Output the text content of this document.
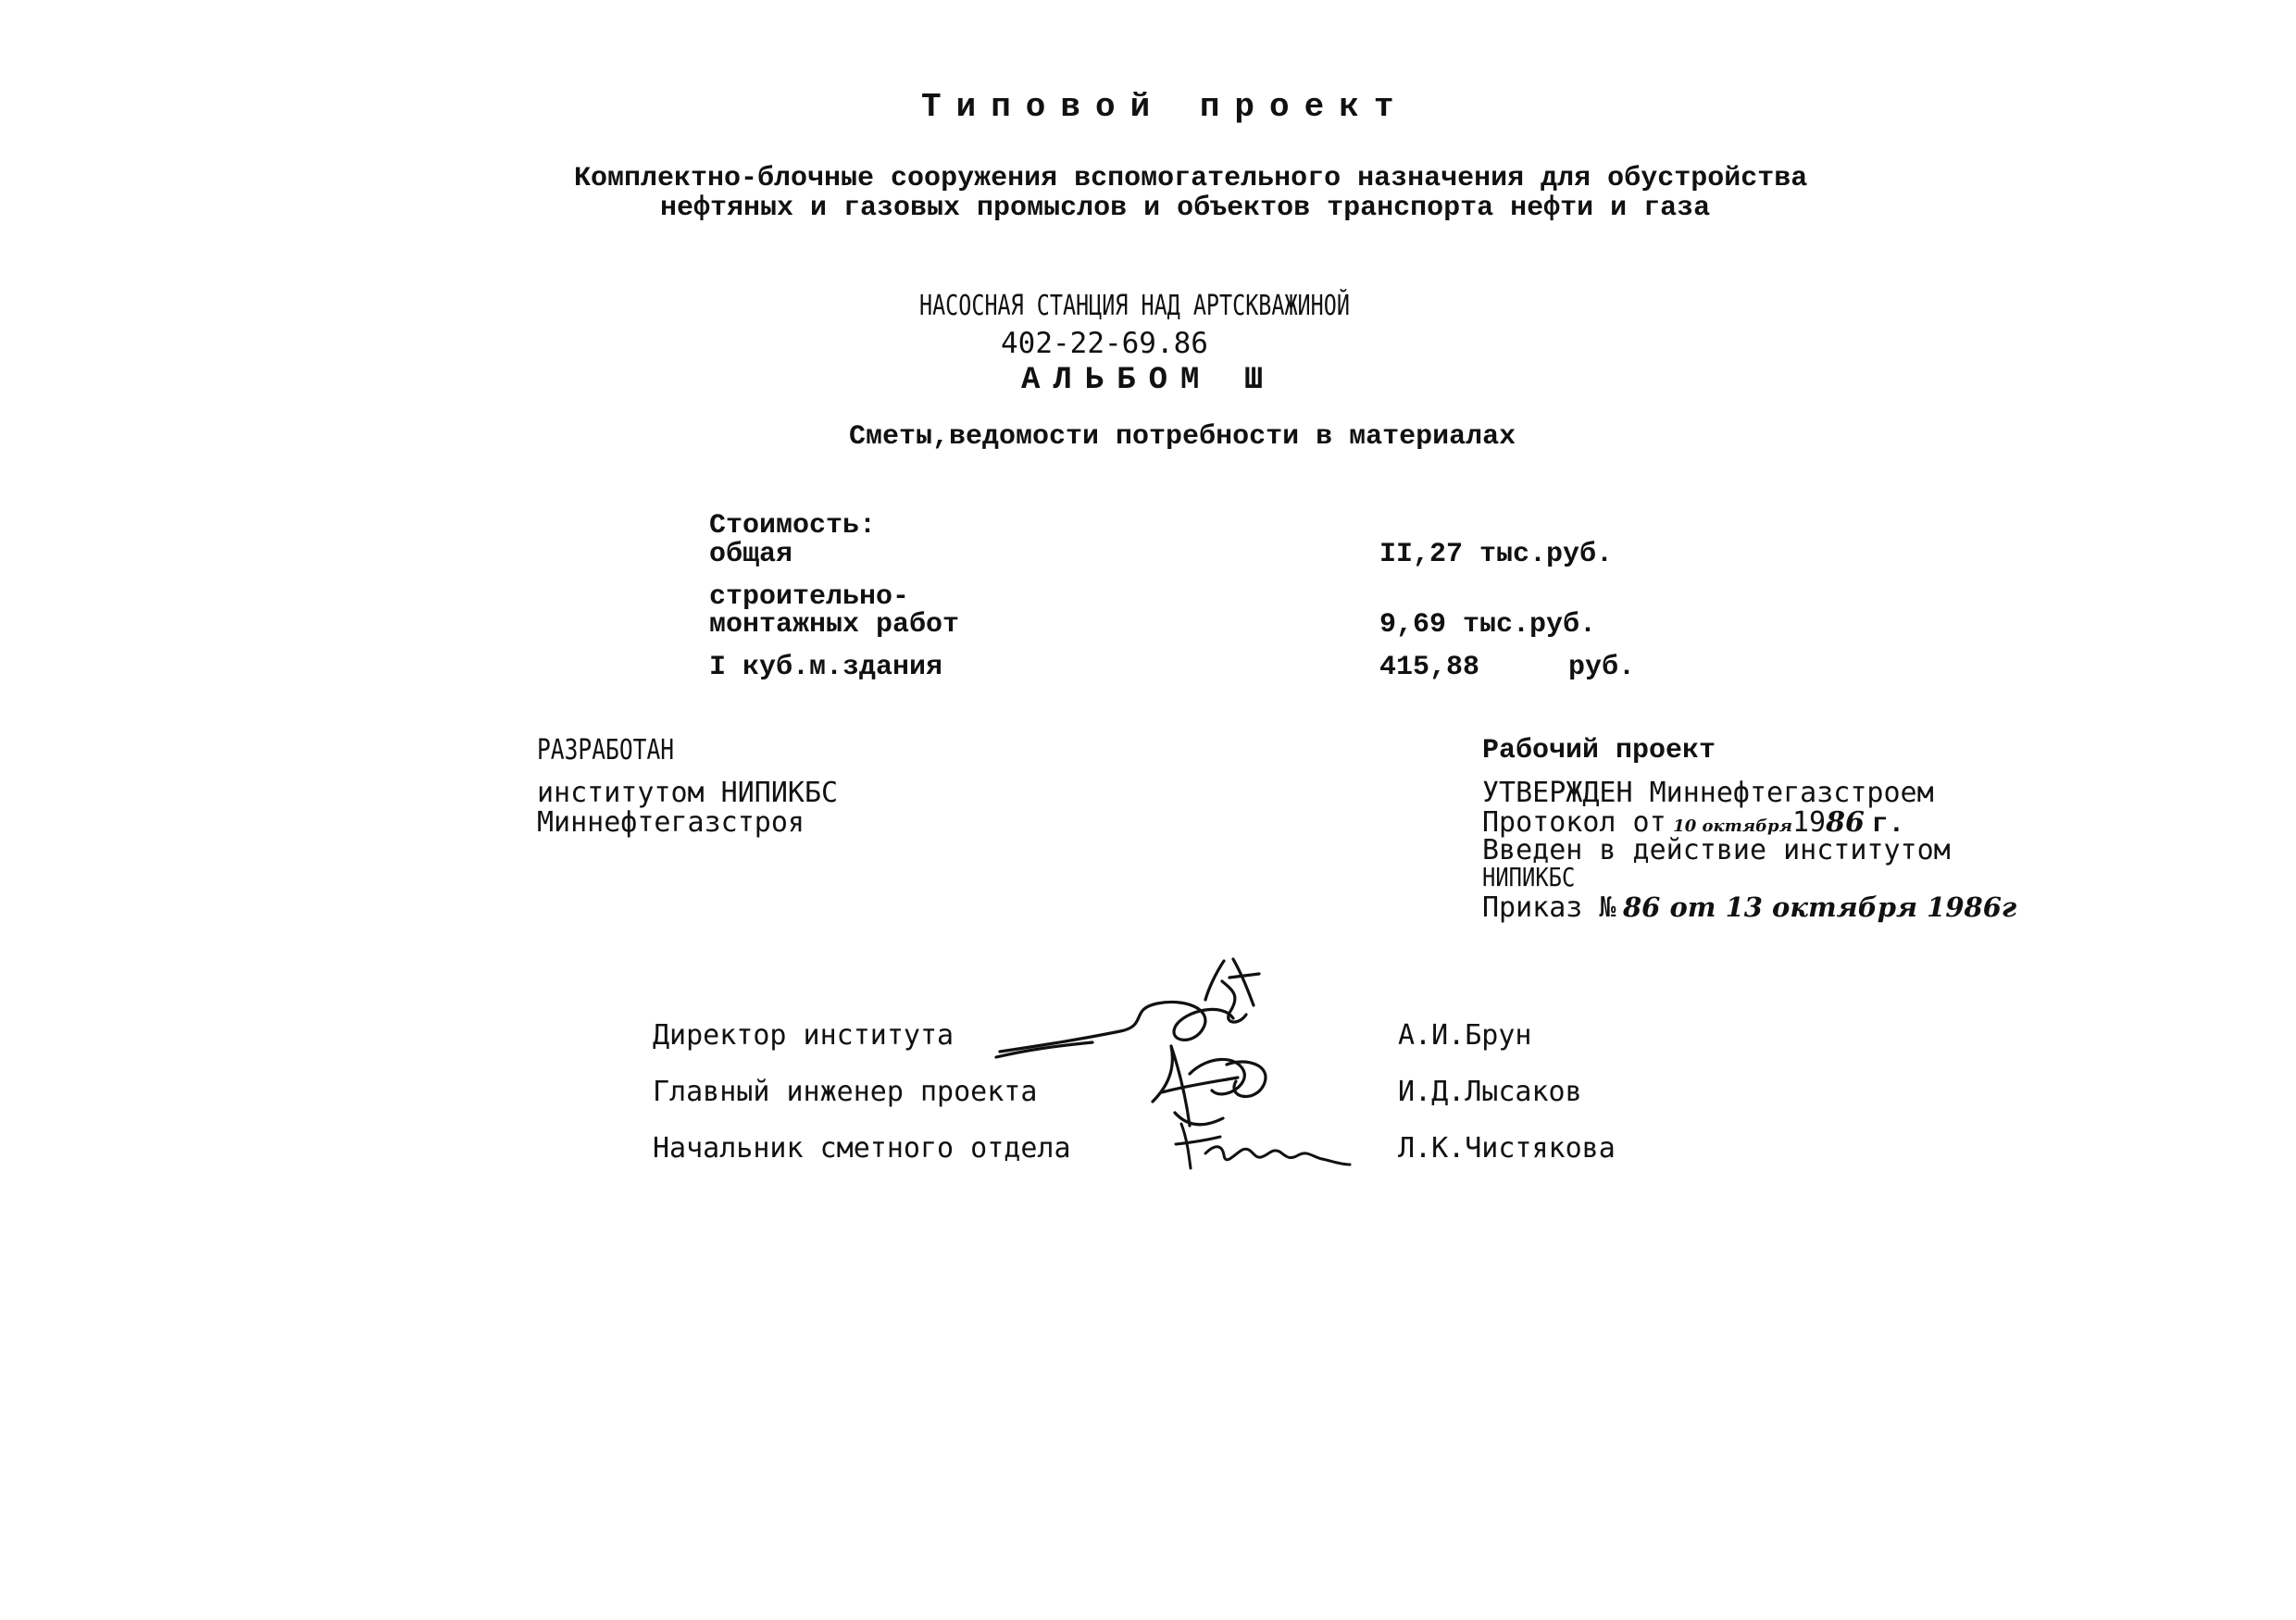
Типовой проект
Комплектно-блочные сооружения вспомогательного назначения для обустройства
нефтяных и газовых промыслов и объектов транспорта нефти и газа
НАСОСНАЯ СТАНЦИЯ НАД АРТСКВАЖИНОЙ
402-22-69.86
АЛЬБОМ Ш
Сметы,ведомости потребности в материалах
Стоимость:
общая	II,27 тыс.руб.
строительно-
монтажных работ	9,69 тыс.руб.
I куб.м.здания	415,88	руб.
РАЗРАБОТАН
институтом НИПИКБС
Миннефтегазстроя
Рабочий проект
УТВЕРЖДЕН Миннефтегазстроем
Протокол от 10 октября1986 г.
Введен в действие институтом
НИПИКБС
Приказ № 86 от 13 октября 1986г
Директор института	А.И.Брун
Главный инженер проекта	И.Д.Лысаков
Начальник сметного отдела	Л.К.Чистякова
